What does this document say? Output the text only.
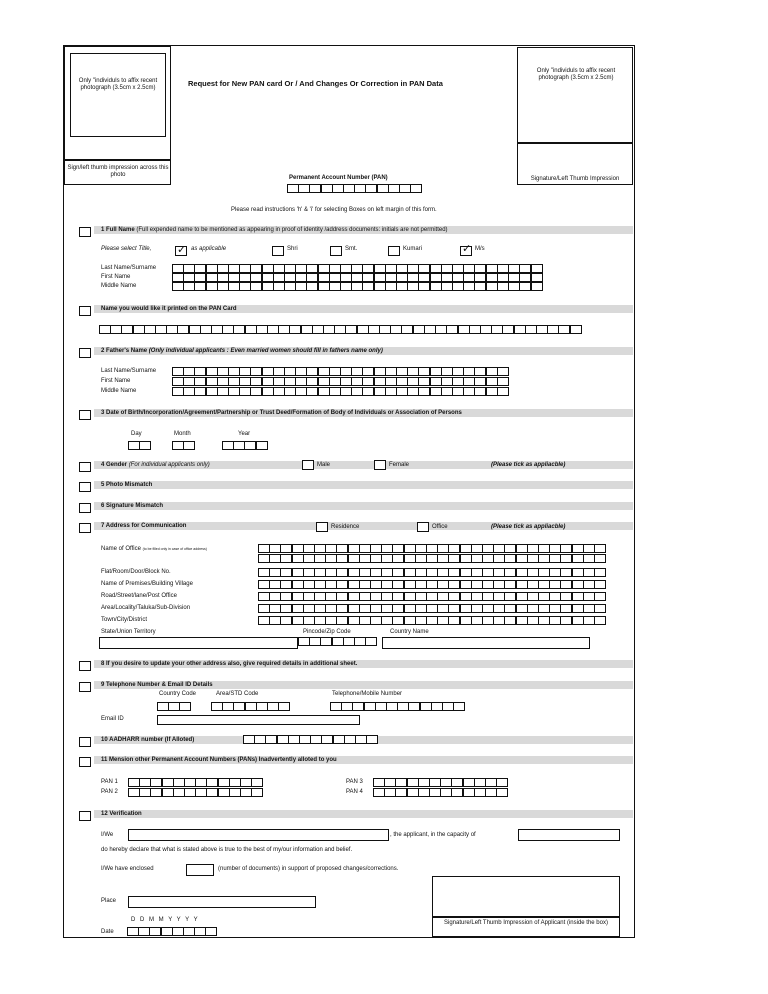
Only "individuls to affix recent photograph (3.5cm x 2.5cm)
Sign/left thumb impression across this photo
Request for New PAN card Or / And Changes Or Correction in PAN Data
Only "individuls to affix recent photograph (3.5cm x 2.5cm)
Signature/Left Thumb Impression
Permanent Account Number (PAN)
Please read instructions 'h' & 'i' for selecting Boxes on left margin of this form.
1 Full Name (Full expended name to be mentioned as appearing in proof of identity /address documents: initials are not permitted)
Please select Title, ✓ as applicable	Shri	Smt.	Kumari	✓ M/s
Last Name/Surname
First Name
Middle Name
Name you would like it printed on the PAN Card
2 Father's Name (Only individual applicants : Even married women should fill in fathers name only)
Last Name/Surname
First Name
Middle Name
3 Date of Birth/Incorporation/Agreement/Partnership or Trust Deed/Formation of Body of Individuals or Association of Persons
Day	Month	Year
4 Gender (For individual applicants only)	Male	Female	(Please tick as appliacble)
5 Photo Mismatch
6 Signature Mismatch
7 Address for Communication	Residence	Office	(Please tick as appliacble)
Name of Office (to be filled only in case of office address)
Flat/Room/Door/Block No.
Name of Premises/Building Village
Road/Street/lane/Post Office
Area/Locality/Taluka/Sub-Division
Town/City/District
State/Union Territory	Pincode/Zip Code	Country Name
8 If you desire to update your other address also, give required details in additional sheet.
9 Telephone Number & Email ID Details
Country Code	Area/STD Code	Telephone/Mobile Number
Email ID
10 AADHARR number (If Alloted)
11 Mension other Permanent Account Numbers (PANs) Inadvertently alloted to you
PAN 1
PAN 2
PAN 3
PAN 4
12 Verification
I/We	, the applicant, in the capacity of
do hereby declare that what is stated above is true to the best of my/our information and belief.
I/We have enclosed	(number of documents) in support of proposed changes/corrections.
Place
D D M M Y Y Y Y
Date
Signature/Left Thumb Impression of Applicant (inside the box)
